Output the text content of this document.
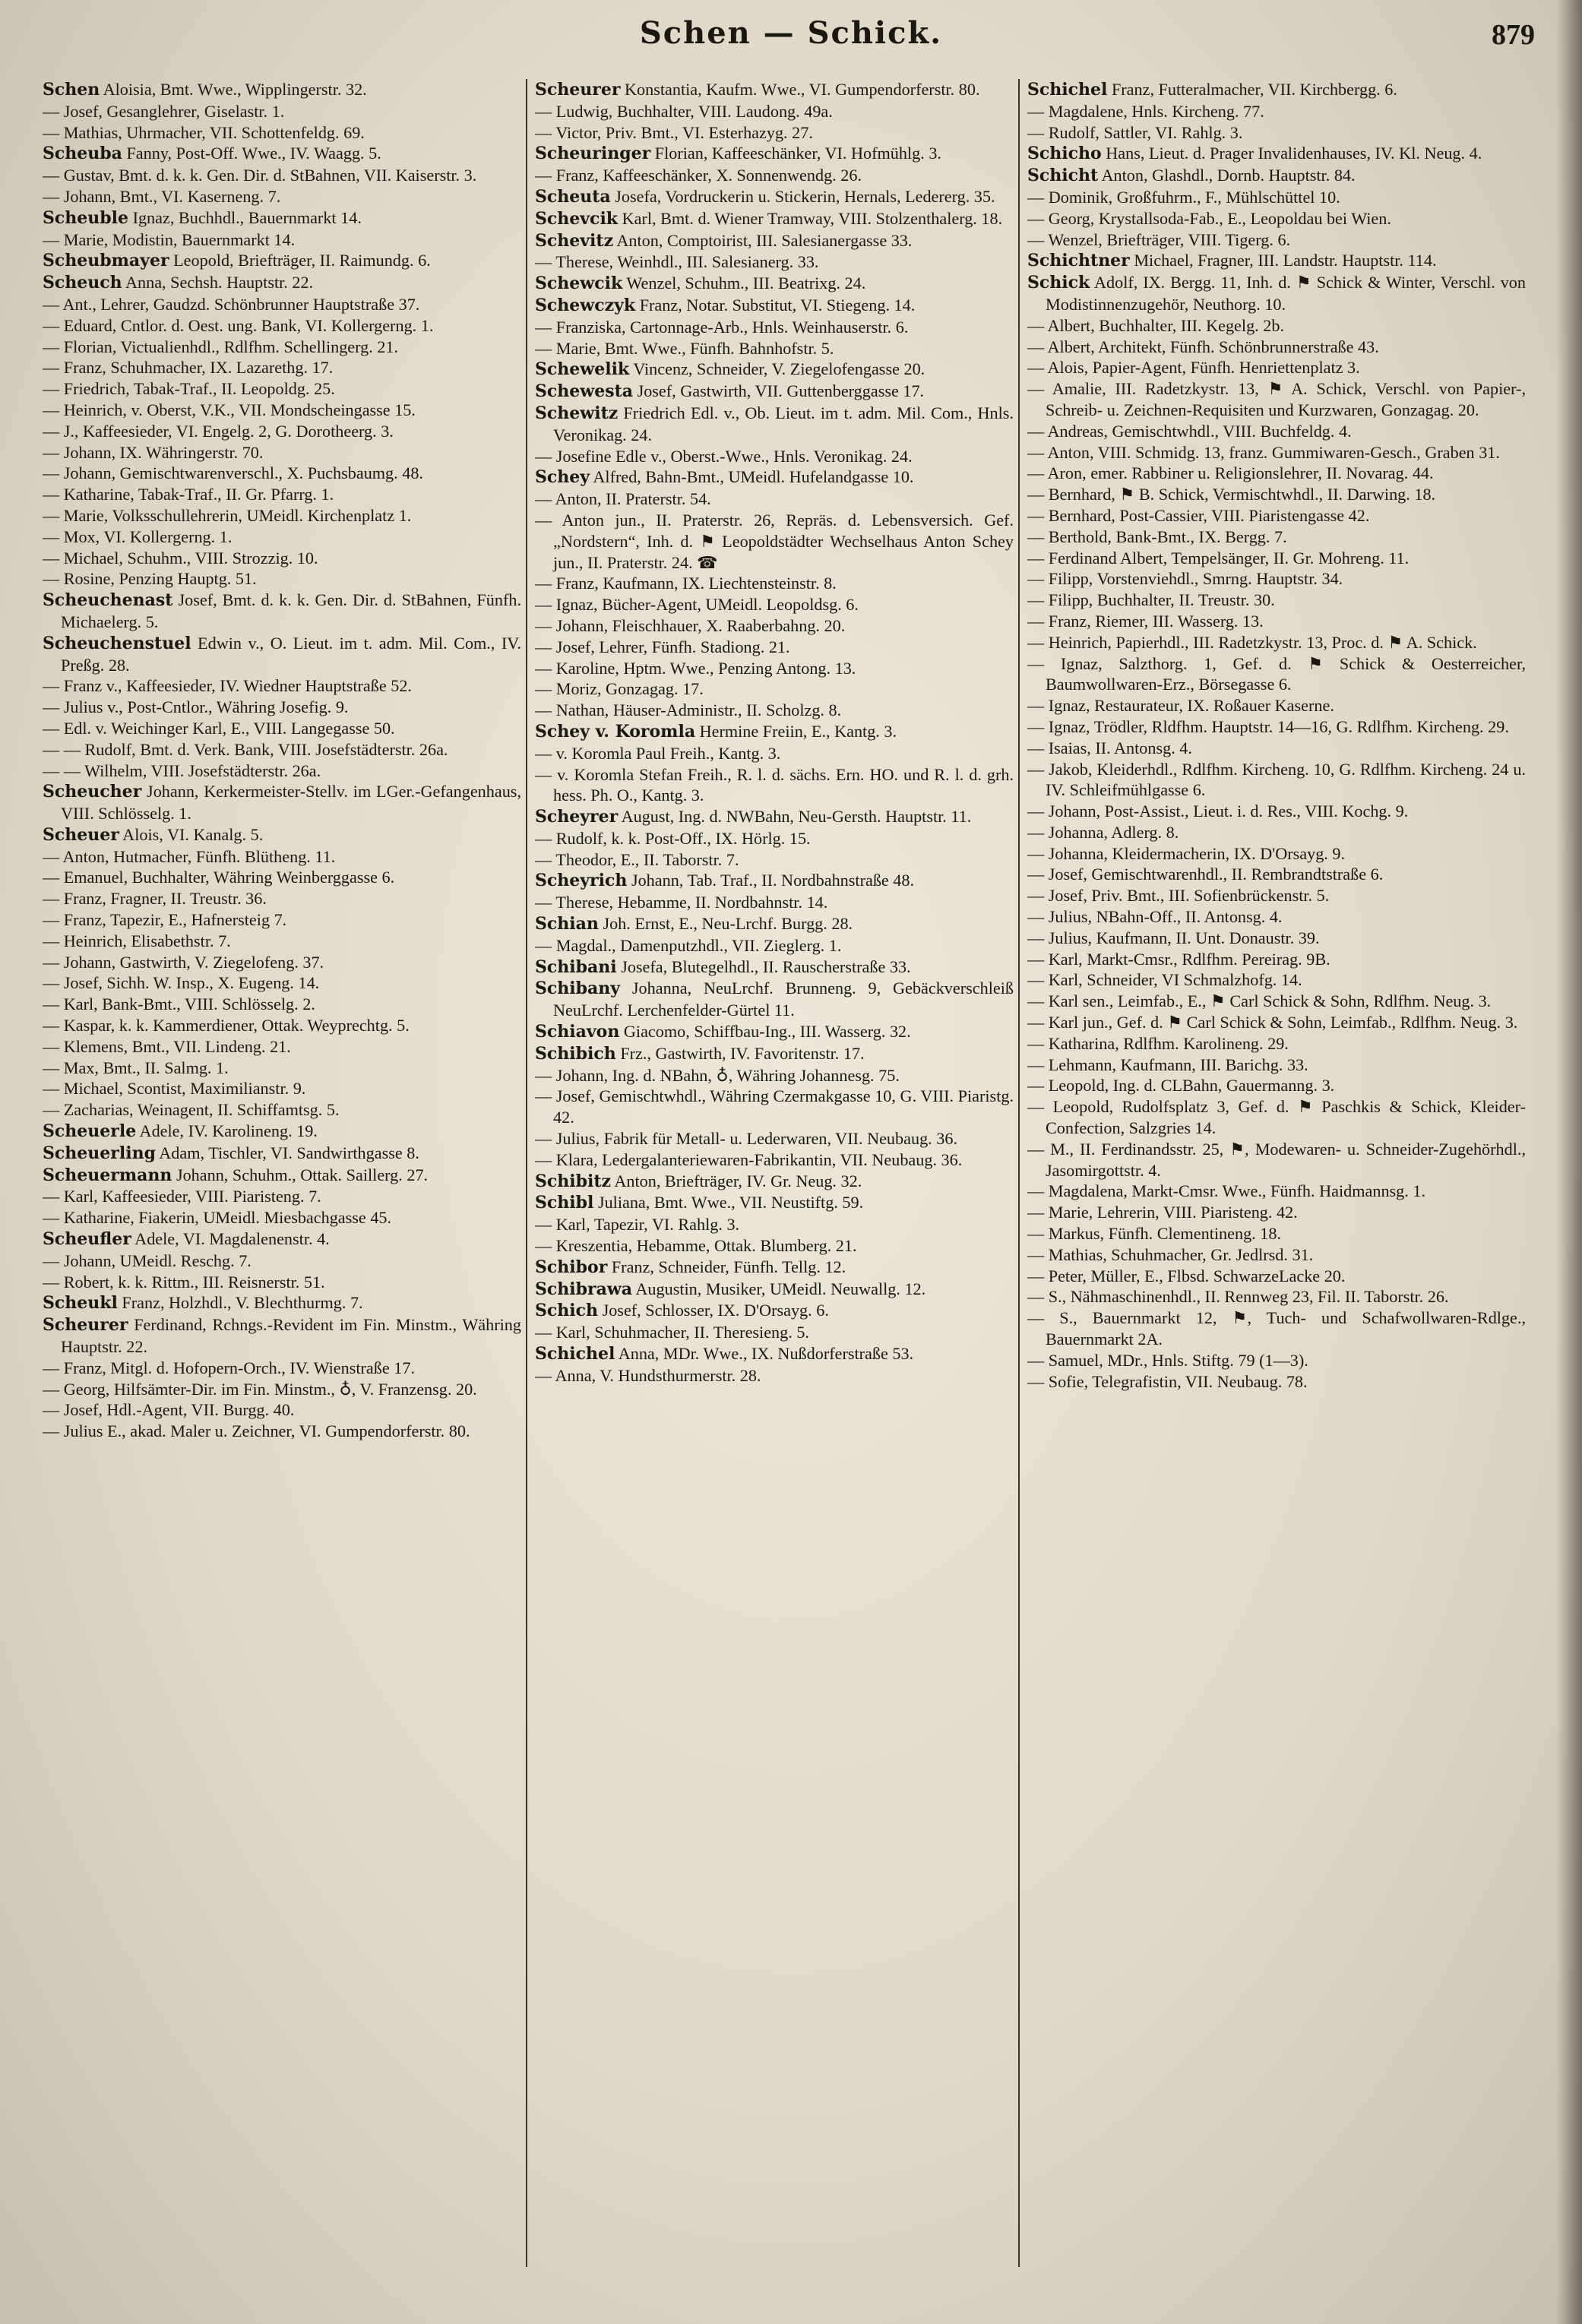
Schen — Schick.	879

Schen Aloisia, Bmt. Wwe., Wipplingerstr. 32.

— Josef, Gesanglehrer, Giselastr. 1.

— Mathias, Uhrmacher, VII. Schottenfeldg. 69.

Scheuba Fanny, Post-Off. Wwe., IV. Waagg. 5.

— Gustav, Bmt. d. k. k. Gen. Dir. d. StBahnen, VII. Kaiserstr. 3.

— Johann, Bmt., VI. Kaserneng. 7.

Scheuble Ignaz, Buchhdl., Bauernmarkt 14.

— Marie, Modistin, Bauernmarkt 14.

Scheubmayer Leopold, Briefträger, II. Raimundg. 6.

Scheuch Anna, Sechsh. Hauptstr. 22.

— Ant., Lehrer, Gaudzd. Schönbrunner Hauptstraße 37.

— Eduard, Cntlor. d. Oest. ung. Bank, VI. Kollergerng. 1.

— Florian, Victualienhdl., Rdlfhm. Schellingerg. 21.

— Franz, Schuhmacher, IX. Lazarethg. 17.

— Friedrich, Tabak-Traf., II. Leopoldg. 25.

— Heinrich, v. Oberst, V.K., VII. Mondscheingasse 15.

— J., Kaffeesieder, VI. Engelg. 2, G. Dorotheerg. 3.

— Johann, IX. Währingerstr. 70.

— Johann, Gemischtwarenverschl., X. Puchsbaumg. 48.

— Katharine, Tabak-Traf., II. Gr. Pfarrg. 1.

— Marie, Volksschullehrerin, UMeidl. Kirchenplatz 1.

— Mox, VI. Kollergerng. 1.

— Michael, Schuhm., VIII. Strozzig. 10.

— Rosine, Penzing Hauptg. 51.

Scheuchenast Josef, Bmt. d. k. k. Gen. Dir. d. StBahnen, Fünfh. Michaelerg. 5.

Scheuchenstuel Edwin v., O. Lieut. im t. adm. Mil. Com., IV. Preßg. 28.

— Franz v., Kaffeesieder, IV. Wiedner Hauptstraße 52.

— Julius v., Post-Cntlor., Währing Josefig. 9.

— Edl. v. Weichinger Karl, E., VIII. Langegasse 50.

— — Rudolf, Bmt. d. Verk. Bank, VIII. Josefstädterstr. 26a.

— — Wilhelm, VIII. Josefstädterstr. 26a.

Scheucher Johann, Kerkermeister-Stellv. im LGer.-Gefangenhaus, VIII. Schlösselg. 1.

Scheuer Alois, VI. Kanalg. 5.

— Anton, Hutmacher, Fünfh. Blütheng. 11.

— Emanuel, Buchhalter, Währing Weinberggasse 6.

— Franz, Fragner, II. Treustr. 36.

— Franz, Tapezir, E., Hafnersteig 7.

— Heinrich, Elisabethstr. 7.

— Johann, Gastwirth, V. Ziegelofeng. 37.

— Josef, Sichh. W. Insp., X. Eugeng. 14.

— Karl, Bank-Bmt., VIII. Schlösselg. 2.

— Kaspar, k. k. Kammerdiener, Ottak. Weyprechtg. 5.

— Klemens, Bmt., VII. Lindeng. 21.

— Max, Bmt., II. Salmg. 1.

— Michael, Scontist, Maximilianstr. 9.

— Zacharias, Weinagent, II. Schiffamtsg. 5.

Scheuerle Adele, IV. Karolineng. 19.

Scheuerling Adam, Tischler, VI. Sandwirthgasse 8.

Scheuermann Johann, Schuhm., Ottak. Saillerg. 27.

— Karl, Kaffeesieder, VIII. Piaristeng. 7.

— Katharine, Fiakerin, UMeidl. Miesbachgasse 45.

Scheufler Adele, VI. Magdalenenstr. 4.

— Johann, UMeidl. Reschg. 7.

— Robert, k. k. Rittm., III. Reisnerstr. 51.

Scheukl Franz, Holzhdl., V. Blechthurmg. 7.

Scheurer Ferdinand, Rchngs.-Revident im Fin. Minstm., Währing Hauptstr. 22.

— Franz, Mitgl. d. Hofopern-Orch., IV. Wienstraße 17.

— Georg, Hilfsämter-Dir. im Fin. Minstm., ♁, V. Franzensg. 20.

— Josef, Hdl.-Agent, VII. Burgg. 40.

— Julius E., akad. Maler u. Zeichner, VI. Gumpendorferstr. 80.

Scheurer Konstantia, Kaufm. Wwe., VI. Gumpendorferstr. 80.

— Ludwig, Buchhalter, VIII. Laudong. 49a.

— Victor, Priv. Bmt., VI. Esterhazyg. 27.

Scheuringer Florian, Kaffeeschänker, VI. Hofmühlg. 3.

— Franz, Kaffeeschänker, X. Sonnenwendg. 26.

Scheuta Josefa, Vordruckerin u. Stickerin, Hernals, Ledererg. 35.

Schevcik Karl, Bmt. d. Wiener Tramway, VIII. Stolzenthalerg. 18.

Schevitz Anton, Comptoirist, III. Salesianergasse 33.

— Therese, Weinhdl., III. Salesianerg. 33.

Schewcik Wenzel, Schuhm., III. Beatrixg. 24.

Schewczyk Franz, Notar. Substitut, VI. Stiegeng. 14.

— Franziska, Cartonnage-Arb., Hnls. Weinhauserstr. 6.

— Marie, Bmt. Wwe., Fünfh. Bahnhofstr. 5.

Schewelik Vincenz, Schneider, V. Ziegelofengasse 20.

Schewesta Josef, Gastwirth, VII. Guttenberggasse 17.

Schewitz Friedrich Edl. v., Ob. Lieut. im t. adm. Mil. Com., Hnls. Veronikag. 24.

— Josefine Edle v., Oberst.-Wwe., Hnls. Veronikag. 24.

Schey Alfred, Bahn-Bmt., UMeidl. Hufelandgasse 10.

— Anton, II. Praterstr. 54.

— Anton jun., II. Praterstr. 26, Repräs. d. Lebensversich. Gef. „Nordstern“, Inh. d. ⚑ Leopoldstädter Wechselhaus Anton Schey jun., II. Praterstr. 24. ☎

— Franz, Kaufmann, IX. Liechtensteinstr. 8.

— Ignaz, Bücher-Agent, UMeidl. Leopoldsg. 6.

— Johann, Fleischhauer, X. Raaberbahng. 20.

— Josef, Lehrer, Fünfh. Stadiong. 21.

— Karoline, Hptm. Wwe., Penzing Antong. 13.

— Moriz, Gonzagag. 17.

— Nathan, Häuser-Administr., II. Scholzg. 8.

Schey v. Koromla Hermine Freiin, E., Kantg. 3.

— v. Koromla Paul Freih., Kantg. 3.

— v. Koromla Stefan Freih., R. l. d. sächs. Ern. HO. und R. l. d. grh. hess. Ph. O., Kantg. 3.

Scheyrer August, Ing. d. NWBahn, Neu-Gersth. Hauptstr. 11.

— Rudolf, k. k. Post-Off., IX. Hörlg. 15.

— Theodor, E., II. Taborstr. 7.

Scheyrich Johann, Tab. Traf., II. Nordbahnstraße 48.

— Therese, Hebamme, II. Nordbahnstr. 14.

Schian Joh. Ernst, E., Neu-Lrchf. Burgg. 28.

— Magdal., Damenputzhdl., VII. Zieglerg. 1.

Schibani Josefa, Blutegelhdl., II. Rauscherstraße 33.

Schibany Johanna, NeuLrchf. Brunneng. 9, Gebäckverschleiß NeuLrchf. Lerchenfelder-Gürtel 11.

Schiavon Giacomo, Schiffbau-Ing., III. Wasserg. 32.

Schibich Frz., Gastwirth, IV. Favoritenstr. 17.

— Johann, Ing. d. NBahn, ♁, Währing Johannesg. 75.

— Josef, Gemischtwhdl., Währing Czermakgasse 10, G. VIII. Piaristg. 42.

— Julius, Fabrik für Metall- u. Lederwaren, VII. Neubaug. 36.

— Klara, Ledergalanteriewaren-Fabrikantin, VII. Neubaug. 36.

Schibitz Anton, Briefträger, IV. Gr. Neug. 32.

Schibl Juliana, Bmt. Wwe., VII. Neustiftg. 59.

— Karl, Tapezir, VI. Rahlg. 3.

— Kreszentia, Hebamme, Ottak. Blumberg. 21.

Schibor Franz, Schneider, Fünfh. Tellg. 12.

Schibrawa Augustin, Musiker, UMeidl. Neuwallg. 12.

Schich Josef, Schlosser, IX. D'Orsayg. 6.

— Karl, Schuhmacher, II. Theresieng. 5.

Schichel Anna, MDr. Wwe., IX. Nußdorferstraße 53.

— Anna, V. Hundsthurmerstr. 28.

Schichel Franz, Futteralmacher, VII. Kirchbergg. 6.

— Magdalene, Hnls. Kircheng. 77.

— Rudolf, Sattler, VI. Rahlg. 3.

Schicho Hans, Lieut. d. Prager Invalidenhauses, IV. Kl. Neug. 4.

Schicht Anton, Glashdl., Dornb. Hauptstr. 84.

— Dominik, Großfuhrm., F., Mühlschüttel 10.

— Georg, Krystallsoda-Fab., E., Leopoldau bei Wien.

— Wenzel, Briefträger, VIII. Tigerg. 6.

Schichtner Michael, Fragner, III. Landstr. Hauptstr. 114.

Schick Adolf, IX. Bergg. 11, Inh. d. ⚑ Schick & Winter, Verschl. von Modistinnenzugehör, Neuthorg. 10.

— Albert, Buchhalter, III. Kegelg. 2b.

— Albert, Architekt, Fünfh. Schönbrunnerstraße 43.

— Alois, Papier-Agent, Fünfh. Henriettenplatz 3.

— Amalie, III. Radetzkystr. 13, ⚑ A. Schick, Verschl. von Papier-, Schreib- u. Zeichnen-Requisiten und Kurzwaren, Gonzagag. 20.

— Andreas, Gemischtwhdl., VIII. Buchfeldg. 4.

— Anton, VIII. Schmidg. 13, franz. Gummiwaren-Gesch., Graben 31.

— Aron, emer. Rabbiner u. Religionslehrer, II. Novarag. 44.

— Bernhard, ⚑ B. Schick, Vermischtwhdl., II. Darwing. 18.

— Bernhard, Post-Cassier, VIII. Piaristengasse 42.

— Berthold, Bank-Bmt., IX. Bergg. 7.

— Ferdinand Albert, Tempelsänger, II. Gr. Mohreng. 11.

— Filipp, Vorstenviehdl., Smrng. Hauptstr. 34.

— Filipp, Buchhalter, II. Treustr. 30.

— Franz, Riemer, III. Wasserg. 13.

— Heinrich, Papierhdl., III. Radetzkystr. 13, Proc. d. ⚑ A. Schick.

— Ignaz, Salzthorg. 1, Gef. d. ⚑ Schick & Oesterreicher, Baumwollwaren-Erz., Börsegasse 6.

— Ignaz, Restaurateur, IX. Roßauer Kaserne.

— Ignaz, Trödler, Rldfhm. Hauptstr. 14—16, G. Rdlfhm. Kircheng. 29.

— Isaias, II. Antonsg. 4.

— Jakob, Kleiderhdl., Rdlfhm. Kircheng. 10, G. Rdlfhm. Kircheng. 24 u. IV. Schleifmühlgasse 6.

— Johann, Post-Assist., Lieut. i. d. Res., VIII. Kochg. 9.

— Johanna, Adlerg. 8.

— Johanna, Kleidermacherin, IX. D'Orsayg. 9.

— Josef, Gemischtwarenhdl., II. Rembrandtstraße 6.

— Josef, Priv. Bmt., III. Sofienbrückenstr. 5.

— Julius, NBahn-Off., II. Antonsg. 4.

— Julius, Kaufmann, II. Unt. Donaustr. 39.

— Karl, Markt-Cmsr., Rdlfhm. Pereirag. 9B.

— Karl, Schneider, VI Schmalzhofg. 14.

— Karl sen., Leimfab., E., ⚑ Carl Schick & Sohn, Rdlfhm. Neug. 3.

— Karl jun., Gef. d. ⚑ Carl Schick & Sohn, Leimfab., Rdlfhm. Neug. 3.

— Katharina, Rdlfhm. Karolineng. 29.

— Lehmann, Kaufmann, III. Barichg. 33.

— Leopold, Ing. d. CLBahn, Gauermanng. 3.

— Leopold, Rudolfsplatz 3, Gef. d. ⚑ Paschkis & Schick, Kleider-Confection, Salzgries 14.

— M., II. Ferdinandsstr. 25, ⚑, Modewaren- u. Schneider-Zugehörhdl., Jasomirgottstr. 4.

— Magdalena, Markt-Cmsr. Wwe., Fünfh. Haidmannsg. 1.

— Marie, Lehrerin, VIII. Piaristeng. 42.

— Markus, Fünfh. Clementineng. 18.

— Mathias, Schuhmacher, Gr. Jedlrsd. 31.

— Peter, Müller, E., Flbsd. SchwarzeLacke 20.

— S., Nähmaschinenhdl., II. Rennweg 23, Fil. II. Taborstr. 26.

— S., Bauernmarkt 12, ⚑, Tuch- und Schafwollwaren-Rdlge., Bauernmarkt 2A.

— Samuel, MDr., Hnls. Stiftg. 79 (1—3).

— Sofie, Telegrafistin, VII. Neubaug. 78.
